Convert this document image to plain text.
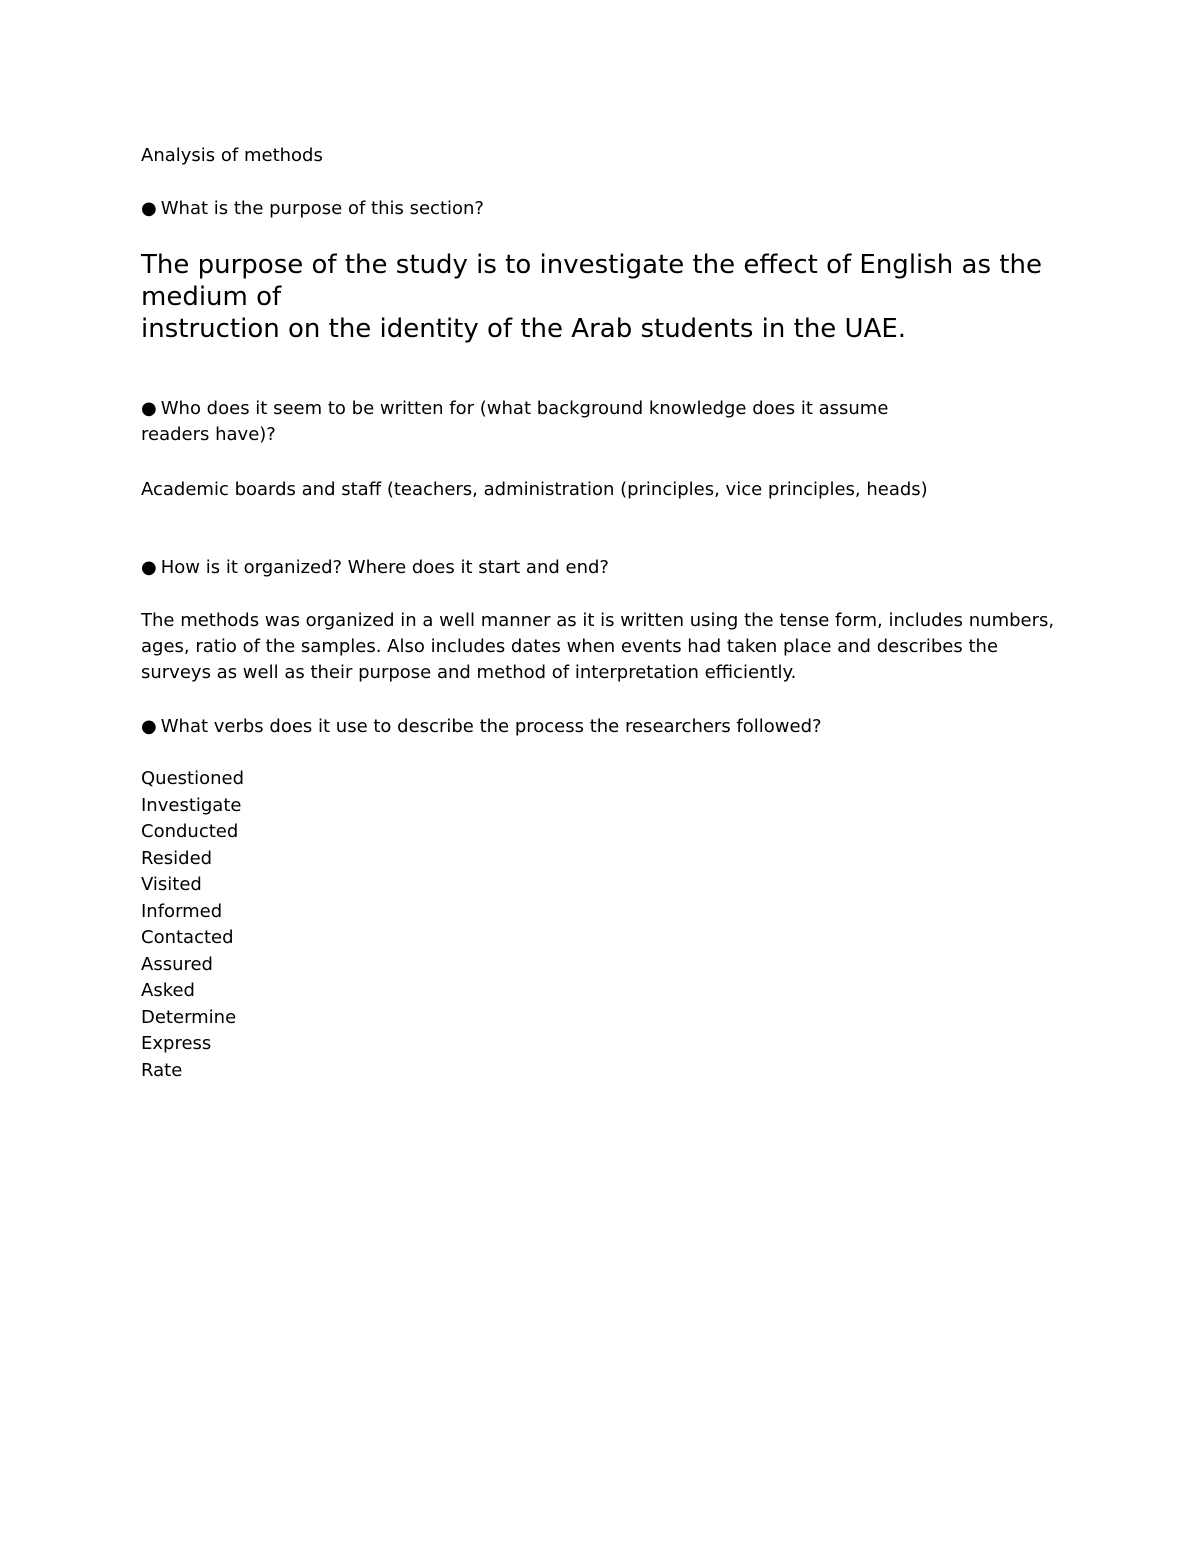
Analysis of methods

● What is the purpose of this section?

The purpose of the study is to investigate the effect of English as the medium of
instruction on the identity of the Arab students in the UAE.

● Who does it seem to be written for (what background knowledge does it assume readers have)?

Academic boards and staff (teachers, administration (principles, vice principles, heads)

● How is it organized? Where does it start and end?

The methods was organized in a well manner as it is written using the tense form, includes numbers, ages, ratio of the samples. Also includes dates when events had taken place and describes the surveys as well as their purpose and method of interpretation efficiently.

● What verbs does it use to describe the process the researchers followed?

Questioned
Investigate
Conducted
Resided
Visited
Informed
Contacted
Assured
Asked
Determine
Express
Rate
